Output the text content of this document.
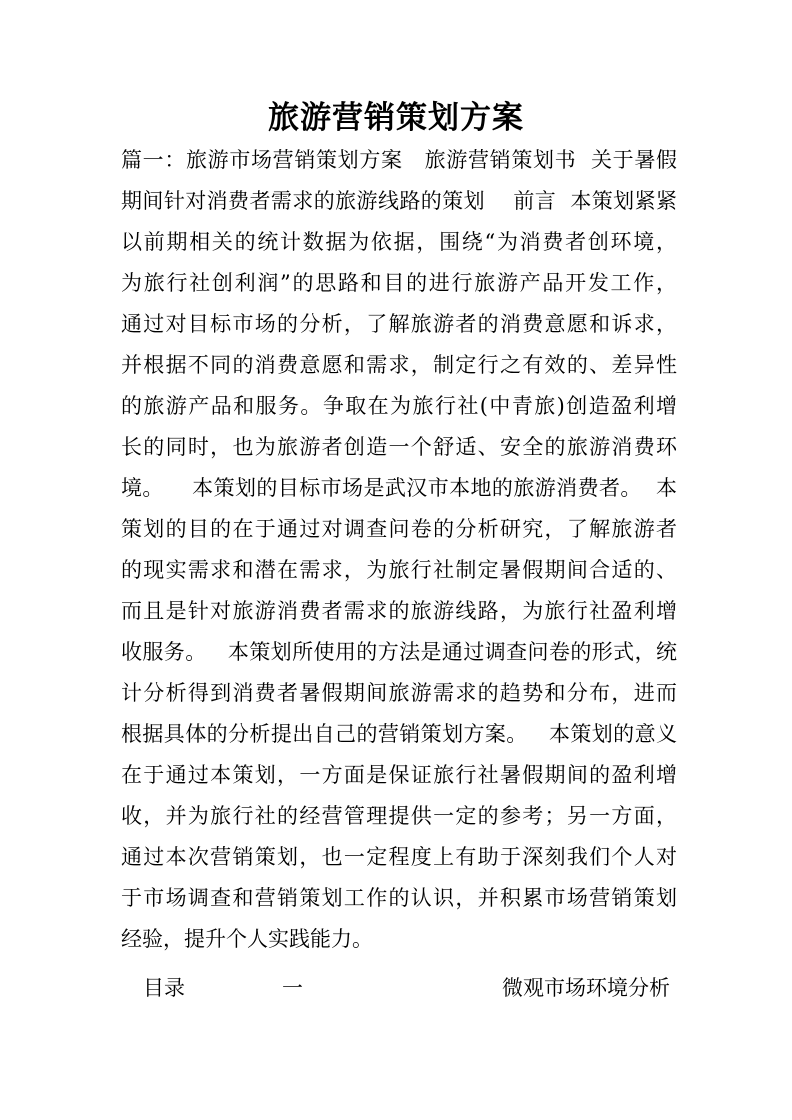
旅游营销策划方案
篇一：旅游市场营销策划方案   旅游营销策划书  关于暑假
期间针对消费者需求的旅游线路的策划    前言  本策划紧紧
以前期相关的统计数据为依据，围绕“为消费者创环境，
为旅行社创利润”的思路和目的进行旅游产品开发工作，
通过对目标市场的分析，了解旅游者的消费意愿和诉求，
并根据不同的消费意愿和需求，制定行之有效的、差异性
的旅游产品和服务。争取在为旅行社(中青旅)创造盈利增
长的同时，也为旅游者创造一个舒适、安全的旅游消费环
境。    本策划的目标市场是武汉市本地的旅游消费者。  本
策划的目的在于通过对调查问卷的分析研究，了解旅游者
的现实需求和潜在需求，为旅行社制定暑假期间合适的、
而且是针对旅游消费者需求的旅游线路，为旅行社盈利增
收服务。   本策划所使用的方法是通过调查问卷的形式，统
计分析得到消费者暑假期间旅游需求的趋势和分布，进而
根据具体的分析提出自己的营销策划方案。   本策划的意义
在于通过本策划，一方面是保证旅行社暑假期间的盈利增
收，并为旅行社的经营管理提供一定的参考；另一方面，
通过本次营销策划，也一定程度上有助于深刻我们个人对
于市场调查和营销策划工作的认识，并积累市场营销策划
经验，提升个人实践能力。
目录	一	微观市场环境分析
